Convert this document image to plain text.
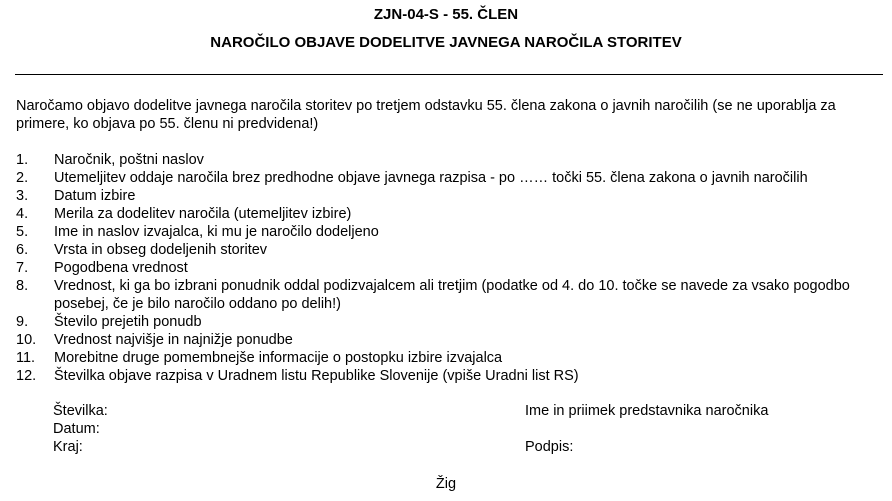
ZJN-04-S - 55. ČLEN
NAROČILO OBJAVE DODELITVE JAVNEGA NAROČILA STORITEV
Naročamo objavo dodelitve javnega naročila storitev po tretjem odstavku 55. člena zakona o javnih naročilih (se ne uporablja za primere, ko objava po 55. členu ni predvidena!)
1. Naročnik, poštni naslov
2. Utemeljitev oddaje naročila brez predhodne objave javnega razpisa - po …… točki 55. člena zakona o javnih naročilih
3. Datum izbire
4. Merila za dodelitev naročila (utemeljitev izbire)
5. Ime in naslov izvajalca, ki mu je naročilo dodeljeno
6. Vrsta in obseg dodeljenih storitev
7. Pogodbena vrednost
8. Vrednost, ki ga bo izbrani ponudnik oddal podizvajalcem ali tretjim (podatke od 4. do 10. točke se navede za vsako pogodbo posebej, če je bilo naročilo oddano po delih!)
9. Število prejetih ponudb
10. Vrednost najvišje in najnižje ponudbe
11. Morebitne druge pomembnejše informacije o postopku izbire izvajalca
12. Številka objave razpisa v Uradnem listu Republike Slovenije (vpiše Uradni list RS)
Številka:
Datum:
Kraj:
Ime in priimek predstavnika naročnika
Podpis:
Žig
